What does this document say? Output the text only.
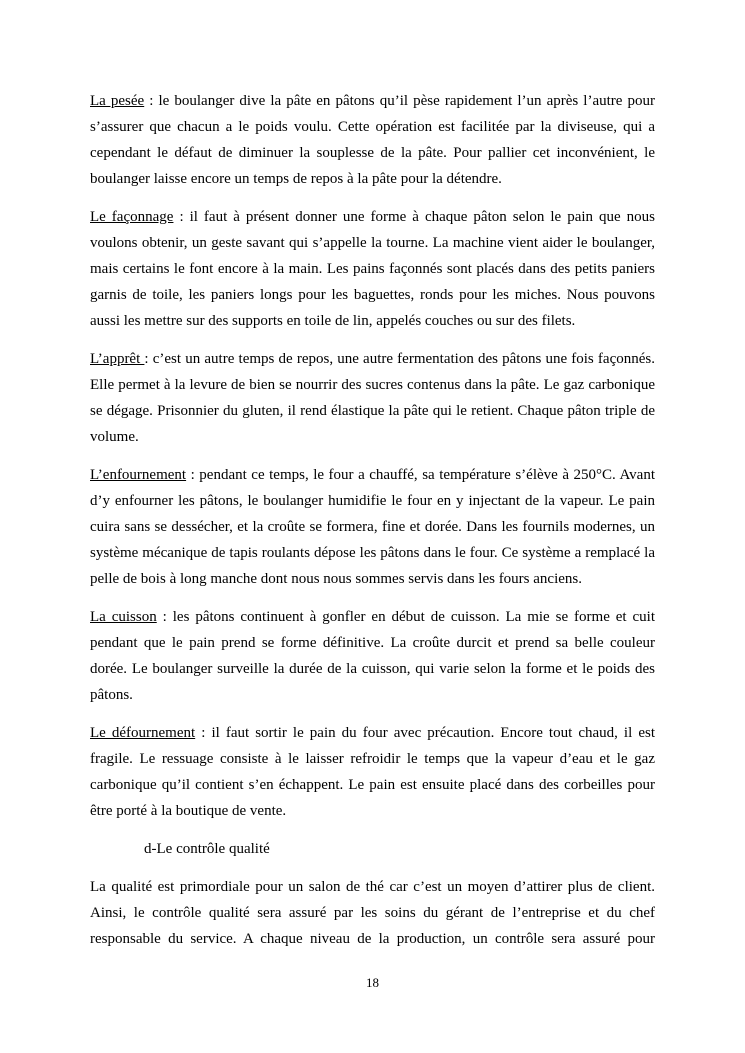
La pesée : le boulanger dive la pâte en pâtons qu’il pèse rapidement l’un après l’autre pour s’assurer que chacun a le poids voulu. Cette opération est facilitée par la diviseuse, qui a cependant le défaut de diminuer la souplesse de la pâte. Pour pallier cet inconvénient, le boulanger laisse encore un temps de repos à la pâte pour la détendre.

Le façonnage : il faut à présent donner une forme à chaque pâton selon le pain que nous voulons obtenir, un geste savant qui s’appelle la tourne. La machine vient aider le boulanger, mais certains le font encore à la main. Les pains façonnés sont placés dans des petits paniers garnis de toile, les paniers longs pour les baguettes, ronds pour les miches. Nous pouvons aussi les mettre sur des supports en toile de lin, appelés couches ou sur des filets.

L’apprêt : c’est un autre temps de repos, une autre fermentation des pâtons une fois façonnés. Elle permet à la levure de bien se nourrir des sucres contenus dans la pâte. Le gaz carbonique se dégage. Prisonnier du gluten, il rend élastique la pâte qui le retient. Chaque pâton triple de volume.

L’enfournement : pendant ce temps, le four a chauffé, sa température s’élève à 250°C. Avant d’y enfourner les pâtons, le boulanger humidifie le four en y injectant de la vapeur. Le pain cuira sans se dessécher, et la croûte se formera, fine et dorée. Dans les fournils modernes, un système mécanique de tapis roulants dépose les pâtons dans le four. Ce système a remplacé la pelle de bois à long manche dont nous nous sommes servis dans les fours anciens.

La cuisson : les pâtons continuent à gonfler en début de cuisson. La mie se forme et cuit pendant que le pain prend se forme définitive. La croûte durcit et prend sa belle couleur dorée. Le boulanger surveille la durée de la cuisson, qui varie selon la forme et le poids des pâtons.

Le défournement : il faut sortir le pain du four avec précaution. Encore tout chaud, il est fragile. Le ressuage consiste à le laisser refroidir le temps que la vapeur d’eau et le gaz carbonique qu’il contient s’en échappent. Le pain est ensuite placé dans des corbeilles pour être porté à la boutique de vente.

d-Le contrôle qualité

La qualité est primordiale pour un salon de thé car c’est un moyen d’attirer plus de client. Ainsi, le contrôle qualité sera assuré par les soins du gérant de l’entreprise et du chef responsable du service. A chaque niveau de la production, un contrôle sera assuré pour

18
